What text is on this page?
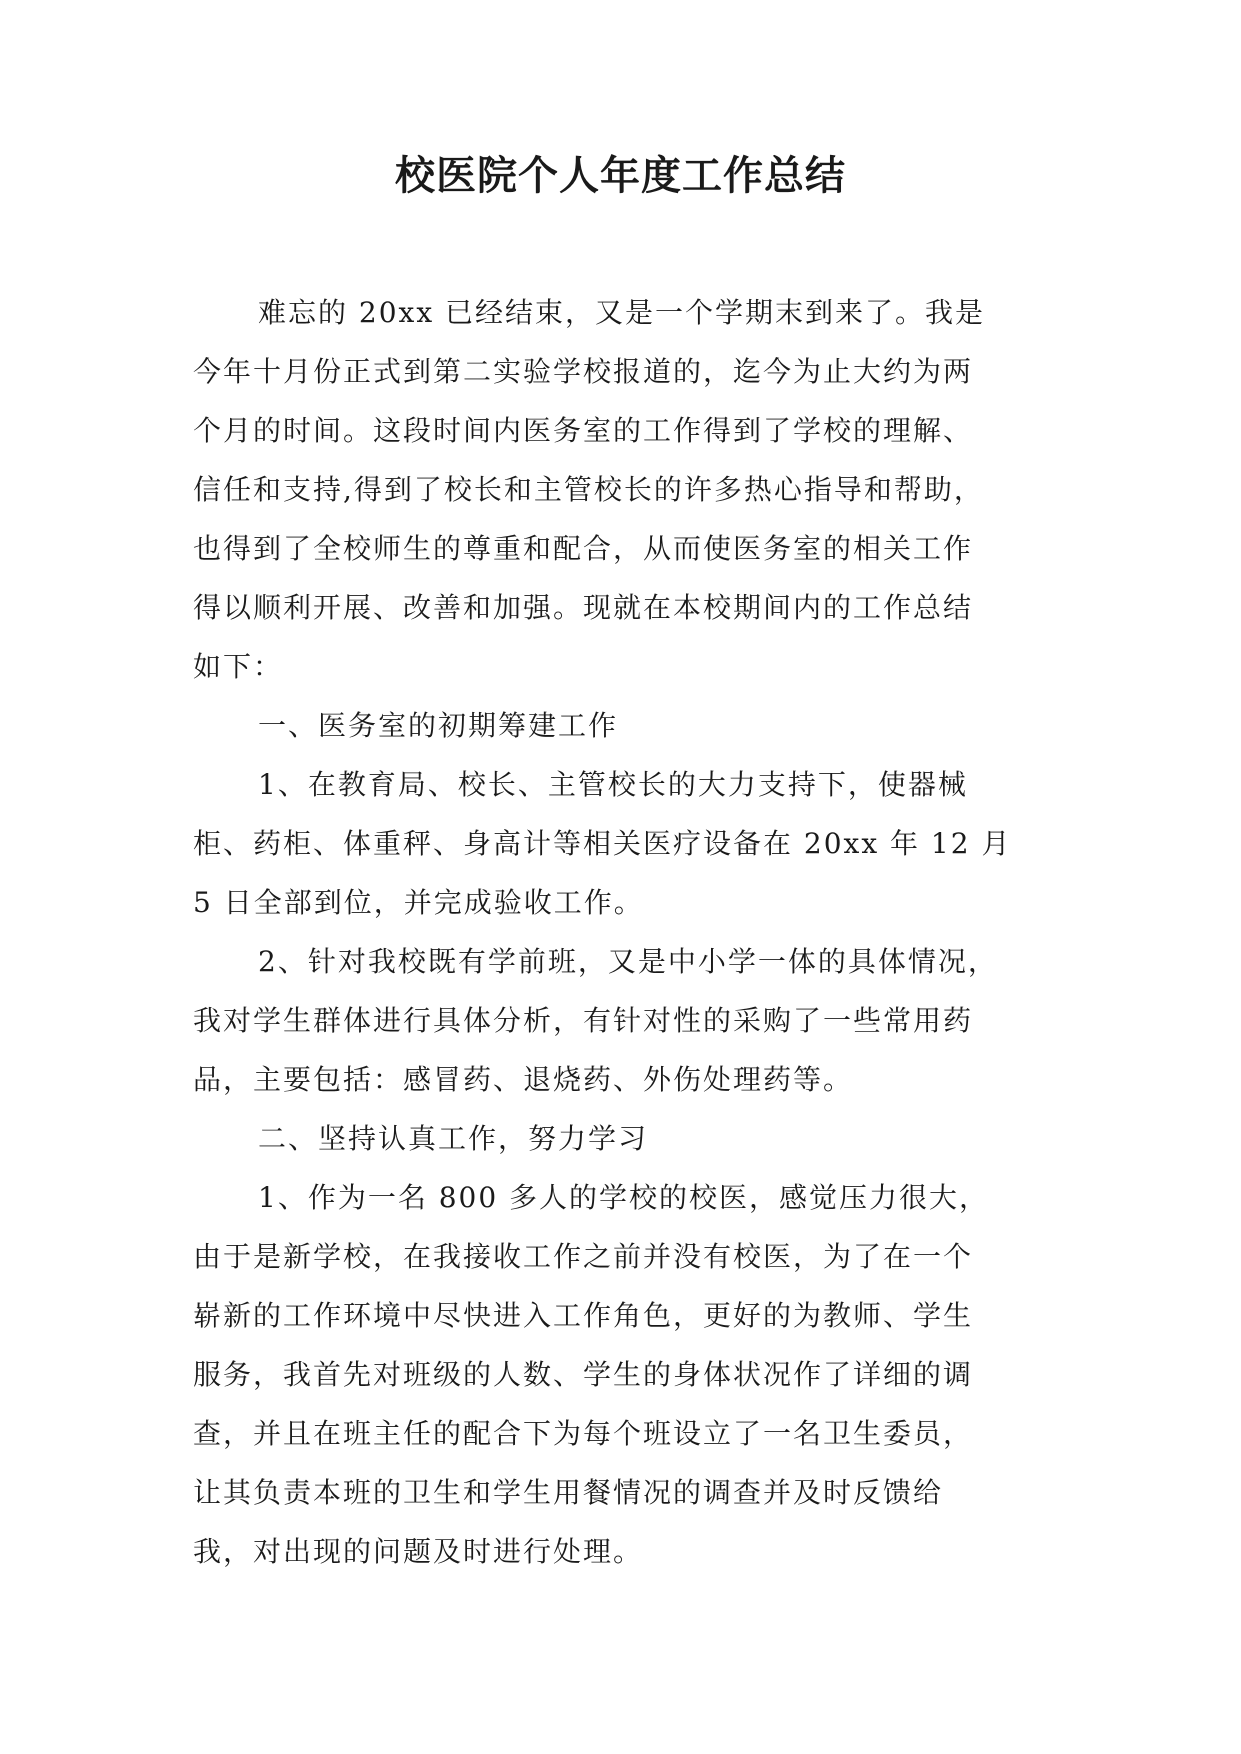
校医院个人年度工作总结

难忘的 20xx 已经结束，又是一个学期末到来了。我是

今年十月份正式到第二实验学校报道的，迄今为止大约为两

个月的时间。这段时间内医务室的工作得到了学校的理解、

信任和支持,得到了校长和主管校长的许多热心指导和帮助，

也得到了全校师生的尊重和配合，从而使医务室的相关工作

得以顺利开展、改善和加强。现就在本校期间内的工作总结

如下：

一、医务室的初期筹建工作

1、在教育局、校长、主管校长的大力支持下，使器械

柜、药柜、体重秤、身高计等相关医疗设备在 20xx 年 12 月

5 日全部到位，并完成验收工作。

2、针对我校既有学前班，又是中小学一体的具体情况，

我对学生群体进行具体分析，有针对性的采购了一些常用药

品，主要包括：感冒药、退烧药、外伤处理药等。

二、坚持认真工作，努力学习

1、作为一名 800 多人的学校的校医，感觉压力很大，

由于是新学校，在我接收工作之前并没有校医，为了在一个

崭新的工作环境中尽快进入工作角色，更好的为教师、学生

服务，我首先对班级的人数、学生的身体状况作了详细的调

查，并且在班主任的配合下为每个班设立了一名卫生委员，

让其负责本班的卫生和学生用餐情况的调查并及时反馈给

我，对出现的问题及时进行处理。
